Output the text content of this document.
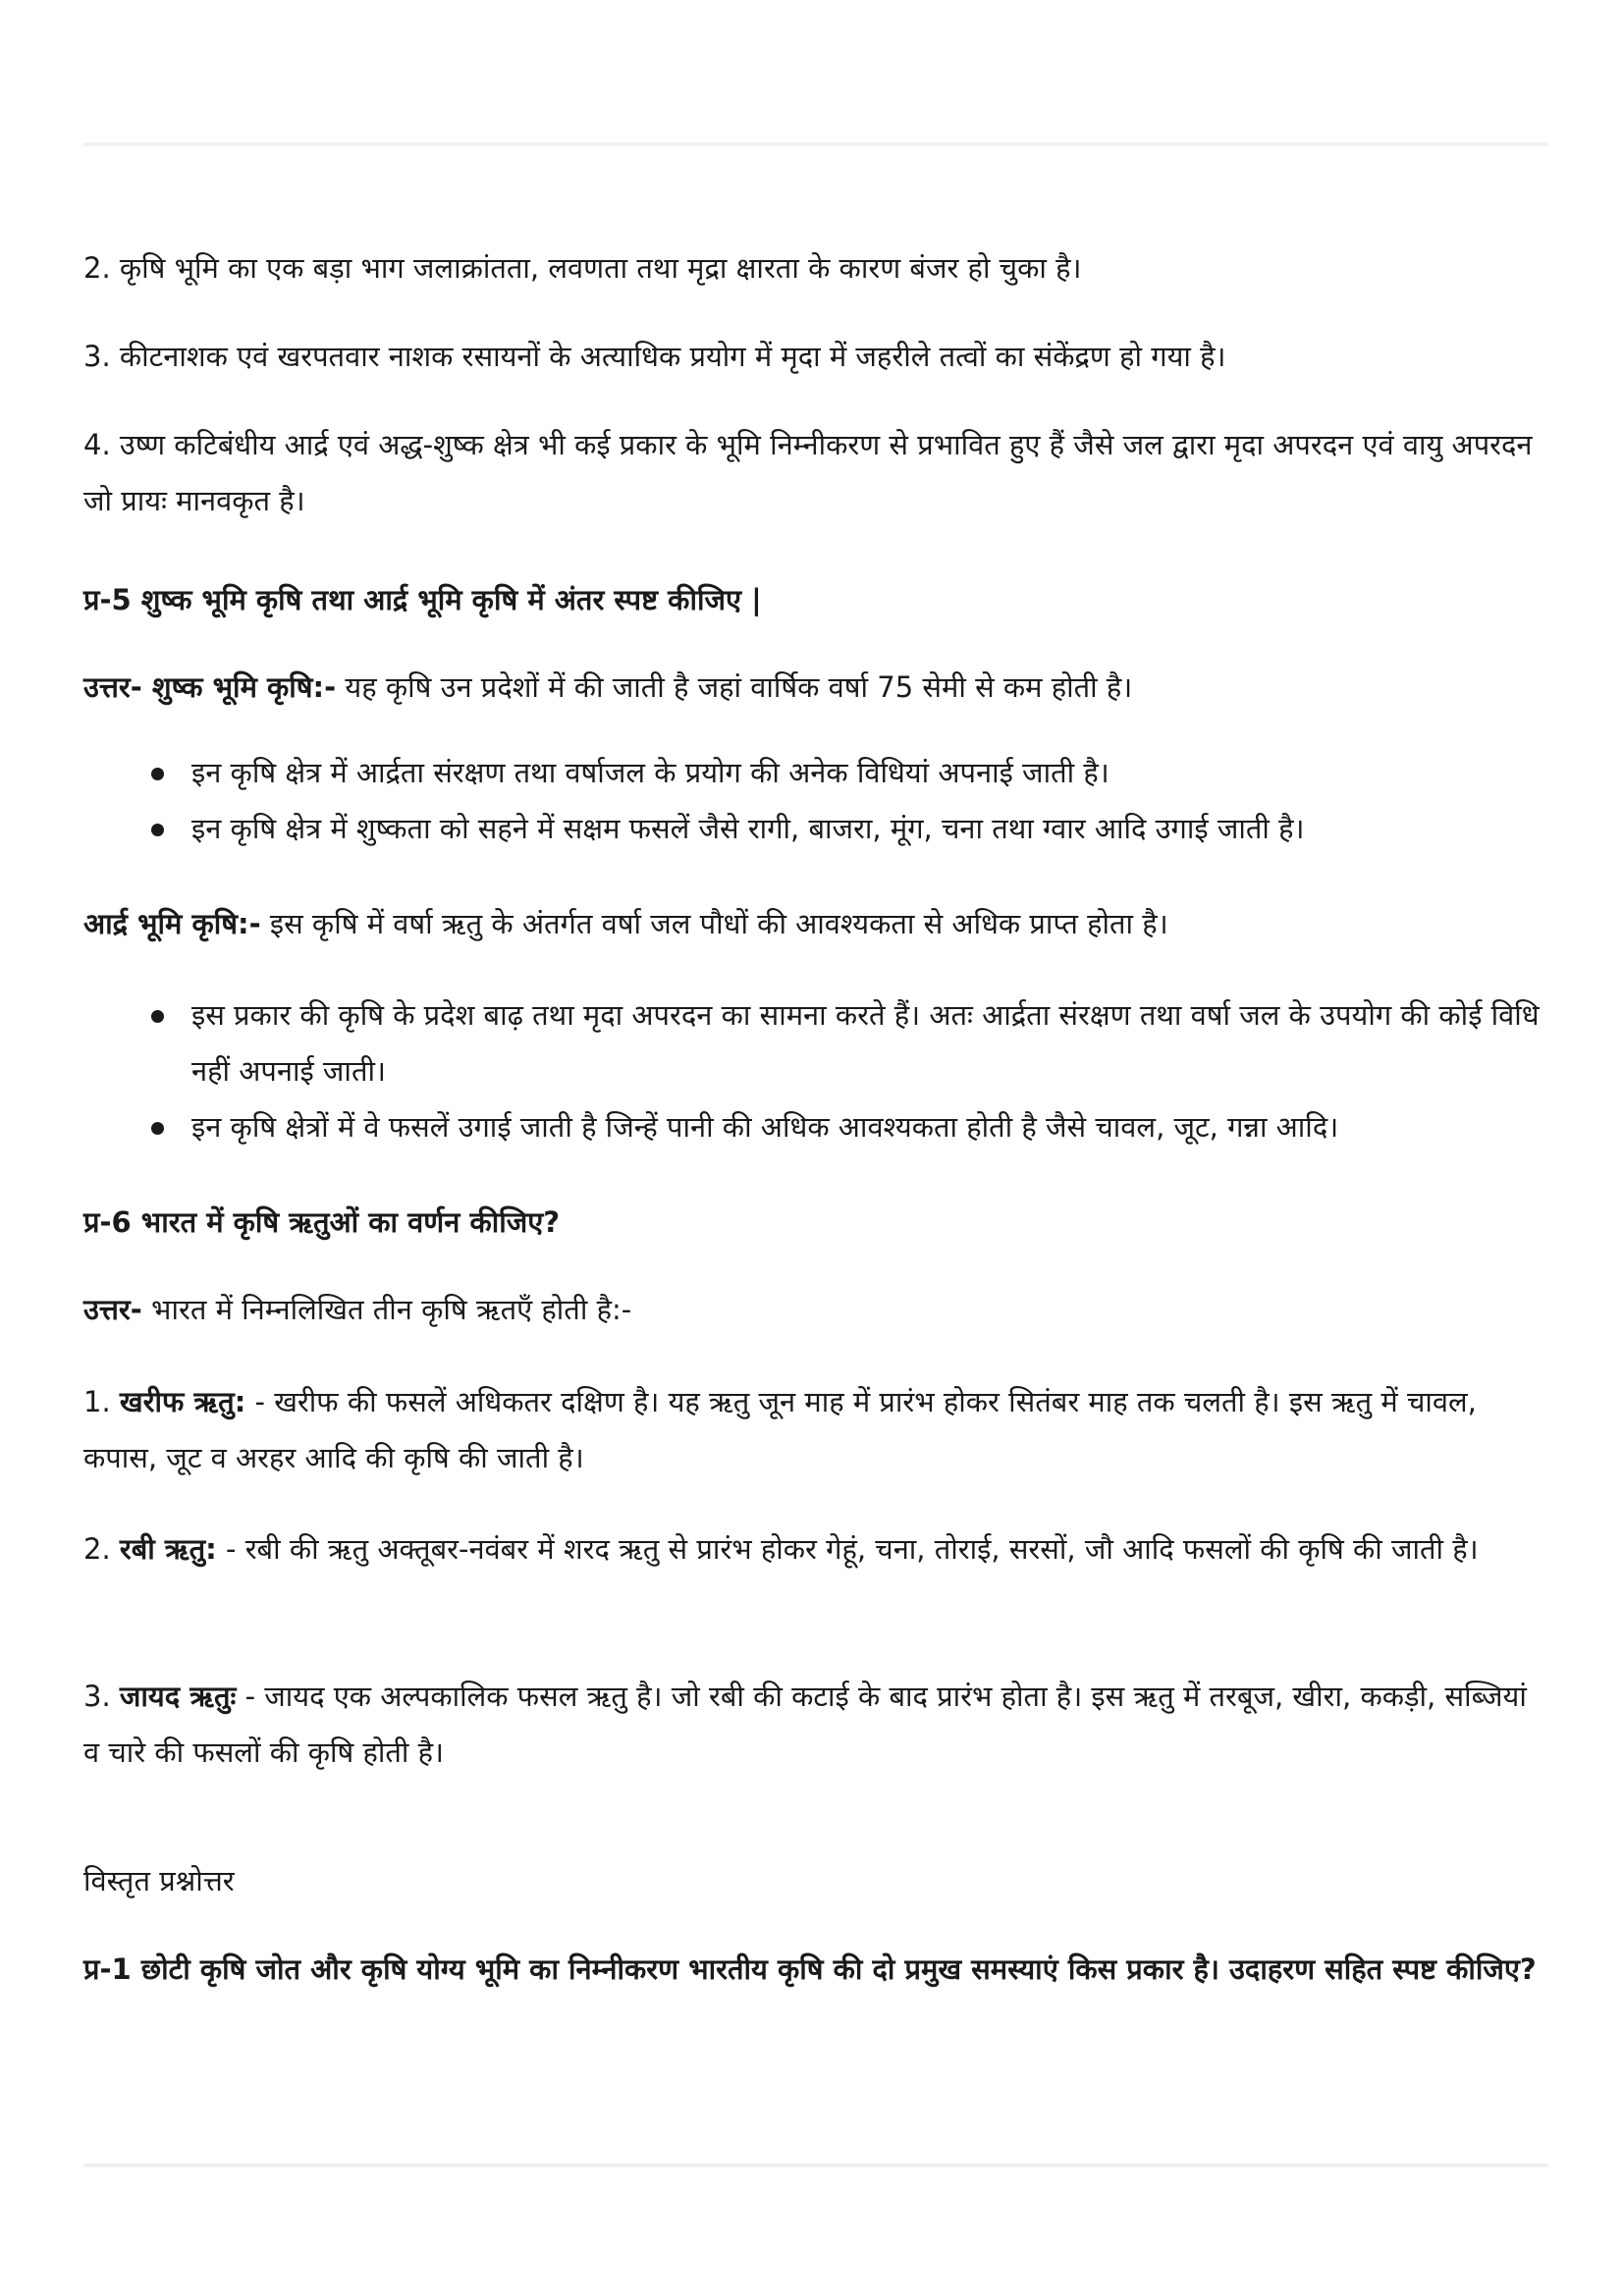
2. कृषि भूमि का एक बड़ा भाग जलाक्रांतता, लवणता तथा मृद्रा क्षारता के कारण बंजर हो चुका है।

3. कीटनाशक एवं खरपतवार नाशक रसायनों के अत्याधिक प्रयोग में मृदा में जहरीले तत्वों का संकेंद्रण हो गया है।

4. उष्ण कटिबंधीय आर्द्र एवं अद्ध-शुष्क क्षेत्र भी कई प्रकार के भूमि निम्नीकरण से प्रभावित हुए हैं जैसे जल द्वारा मृदा अपरदन एवं वायु अपरदन जो प्रायः मानवकृत है।

प्र-5 शुष्क भूमि कृषि तथा आर्द्र भूमि कृषि में अंतर स्पष्ट कीजिए |

उत्तर- शुष्क भूमि कृषि:- यह कृषि उन प्रदेशों में की जाती है जहां वार्षिक वर्षा 75 सेमी से कम होती है।

इन कृषि क्षेत्र में आर्द्रता संरक्षण तथा वर्षाजल के प्रयोग की अनेक विधियां अपनाई जाती है।
इन कृषि क्षेत्र में शुष्कता को सहने में सक्षम फसलें जैसे रागी, बाजरा, मूंग, चना तथा ग्वार आदि उगाई जाती है।

आर्द्र भूमि कृषि:- इस कृषि में वर्षा ऋतु के अंतर्गत वर्षा जल पौधों की आवश्यकता से अधिक प्राप्त होता है।

इस प्रकार की कृषि के प्रदेश बाढ़ तथा मृदा अपरदन का सामना करते हैं। अतः आर्द्रता संरक्षण तथा वर्षा जल के उपयोग की कोई विधि नहीं अपनाई जाती।
इन कृषि क्षेत्रों में वे फसलें उगाई जाती है जिन्हें पानी की अधिक आवश्यकता होती है जैसे चावल, जूट, गन्ना आदि।

प्र-6 भारत में कृषि ऋतुओं का वर्णन कीजिए?

उत्तर- भारत में निम्नलिखित तीन कृषि ऋतएँ होती है:-

1. खरीफ ऋतु: - खरीफ की फसलें अधिकतर दक्षिण है। यह ऋतु जून माह में प्रारंभ होकर सितंबर माह तक चलती है। इस ऋतु में चावल, कपास, जूट व अरहर आदि की कृषि की जाती है।

2. रबी ऋतु: - रबी की ऋतु अक्तूबर-नवंबर में शरद ऋतु से प्रारंभ होकर गेहूं, चना, तोराई, सरसों, जौ आदि फसलों की कृषि की जाती है।

3. जायद ऋतुः - जायद एक अल्पकालिक फसल ऋतु है। जो रबी की कटाई के बाद प्रारंभ होता है। इस ऋतु में तरबूज, खीरा, ककड़ी, सब्जियां व चारे की फसलों की कृषि होती है।

विस्तृत प्रश्नोत्तर

प्र-1 छोटी कृषि जोत और कृषि योग्य भूमि का निम्नीकरण भारतीय कृषि की दो प्रमुख समस्याएं किस प्रकार है। उदाहरण सहित स्पष्ट कीजिए?
